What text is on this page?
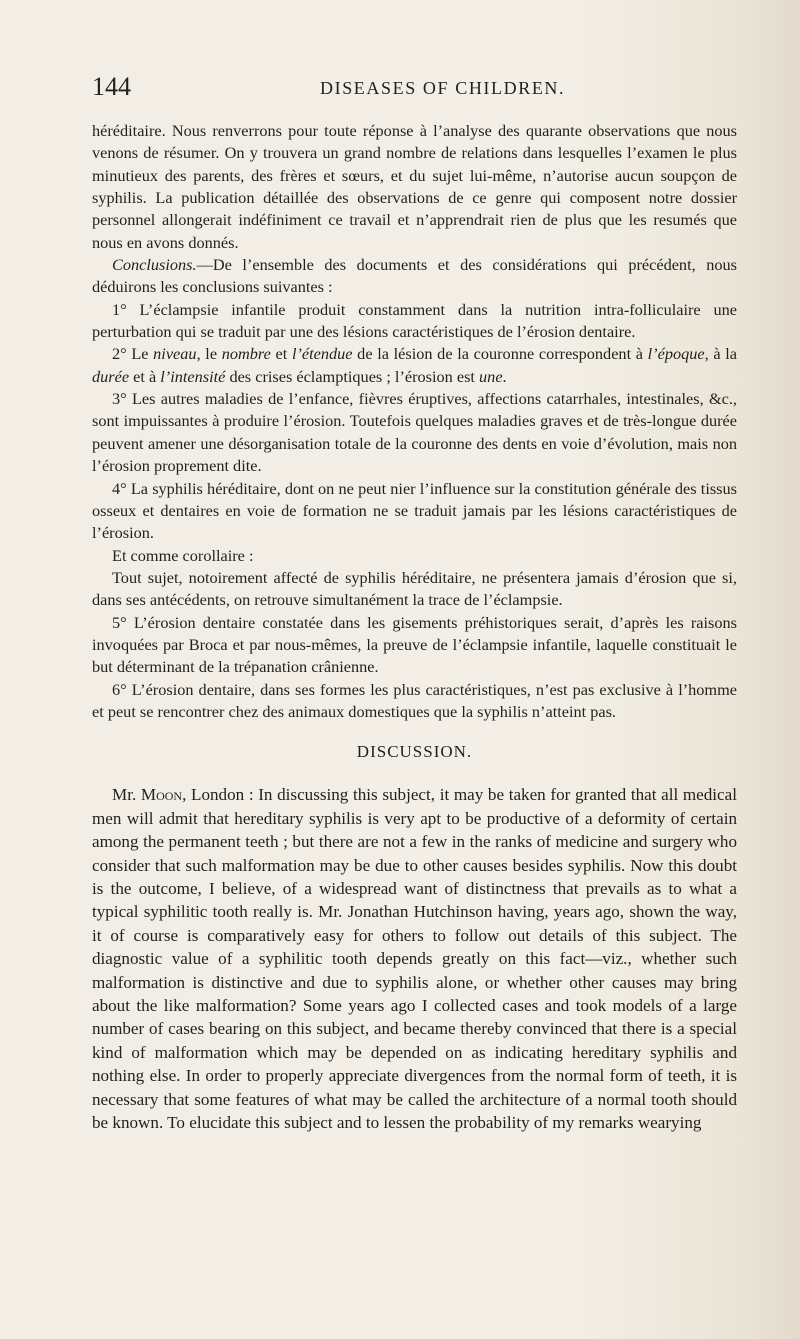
144	DISEASES OF CHILDREN.

héréditaire. Nous renverrons pour toute réponse à l’analyse des quarante observations que nous venons de résumer. On y trouvera un grand nombre de relations dans lesquelles l’examen le plus minutieux des parents, des frères et sœurs, et du sujet lui-même, n’autorise aucun soupçon de syphilis. La publication détaillée des observations de ce genre qui composent notre dossier personnel allongerait indéfiniment ce travail et n’apprendrait rien de plus que les resumés que nous en avons donnés.

Conclusions.—De l’ensemble des documents et des considérations qui précédent, nous déduirons les conclusions suivantes :

1° L’éclampsie infantile produit constamment dans la nutrition intra-folliculaire une perturbation qui se traduit par une des lésions caractéristiques de l’érosion dentaire.

2° Le niveau, le nombre et l’étendue de la lésion de la couronne correspondent à l’époque, à la durée et à l’intensité des crises éclamptiques ; l’érosion est une.

3° Les autres maladies de l’enfance, fièvres éruptives, affections catarrhales, intestinales, &c., sont impuissantes à produire l’érosion. Toutefois quelques maladies graves et de très-longue durée peuvent amener une désorganisation totale de la couronne des dents en voie d’évolution, mais non l’érosion proprement dite.

4° La syphilis héréditaire, dont on ne peut nier l’influence sur la constitution générale des tissus osseux et dentaires en voie de formation ne se traduit jamais par les lésions caractéristiques de l’érosion.

Et comme corollaire :

Tout sujet, notoirement affecté de syphilis héréditaire, ne présentera jamais d’érosion que si, dans ses antécédents, on retrouve simultanément la trace de l’éclampsie.

5° L’érosion dentaire constatée dans les gisements préhistoriques serait, d’après les raisons invoquées par Broca et par nous-mêmes, la preuve de l’éclampsie infantile, laquelle constituait le but déterminant de la trépanation crânienne.

6° L’érosion dentaire, dans ses formes les plus caractéristiques, n’est pas exclusive à l’homme et peut se rencontrer chez des animaux domestiques que la syphilis n’atteint pas.

DISCUSSION.

Mr. Moon, London : In discussing this subject, it may be taken for granted that all medical men will admit that hereditary syphilis is very apt to be productive of a deformity of certain among the permanent teeth ; but there are not a few in the ranks of medicine and surgery who consider that such malformation may be due to other causes besides syphilis. Now this doubt is the outcome, I believe, of a widespread want of distinctness that prevails as to what a typical syphilitic tooth really is. Mr. Jonathan Hutchinson having, years ago, shown the way, it of course is comparatively easy for others to follow out details of this subject. The diagnostic value of a syphilitic tooth depends greatly on this fact—viz., whether such malformation is distinctive and due to syphilis alone, or whether other causes may bring about the like malformation? Some years ago I collected cases and took models of a large number of cases bearing on this subject, and became thereby convinced that there is a special kind of malformation which may be depended on as indicating hereditary syphilis and nothing else. In order to properly appreciate divergences from the normal form of teeth, it is necessary that some features of what may be called the architecture of a normal tooth should be known. To elucidate this subject and to lessen the probability of my remarks wearying
